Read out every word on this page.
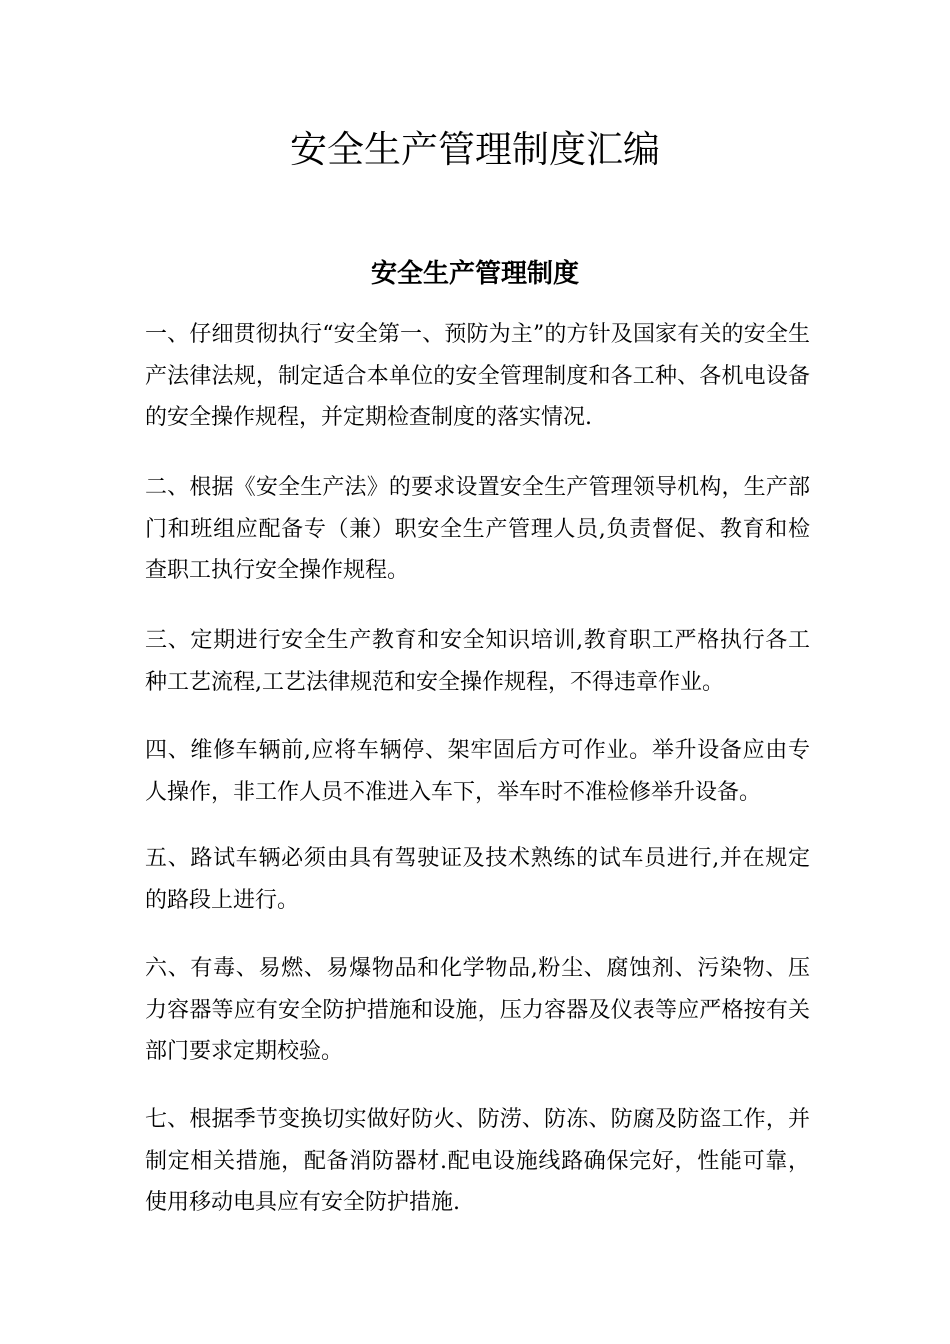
安全生产管理制度汇编
安全生产管理制度

一、仔细贯彻执行“安全第一、预防为主”的方针及国家有关的安全生产法律法规，制定适合本单位的安全管理制度和各工种、各机电设备的安全操作规程，并定期检查制度的落实情况.

二、根据《安全生产法》的要求设置安全生产管理领导机构，生产部门和班组应配备专（兼）职安全生产管理人员,负责督促、教育和检查职工执行安全操作规程。

三、定期进行安全生产教育和安全知识培训,教育职工严格执行各工种工艺流程,工艺法律规范和安全操作规程，不得违章作业。

四、维修车辆前,应将车辆停、架牢固后方可作业。举升设备应由专人操作，非工作人员不准进入车下，举车时不准检修举升设备。

五、路试车辆必须由具有驾驶证及技术熟练的试车员进行,并在规定的路段上进行。

六、有毒、易燃、易爆物品和化学物品,粉尘、腐蚀剂、污染物、压力容器等应有安全防护措施和设施，压力容器及仪表等应严格按有关部门要求定期校验。

七、根据季节变换切实做好防火、防涝、防冻、防腐及防盗工作，并制定相关措施，配备消防器材.配电设施线路确保完好，性能可靠，使用移动电具应有安全防护措施.
